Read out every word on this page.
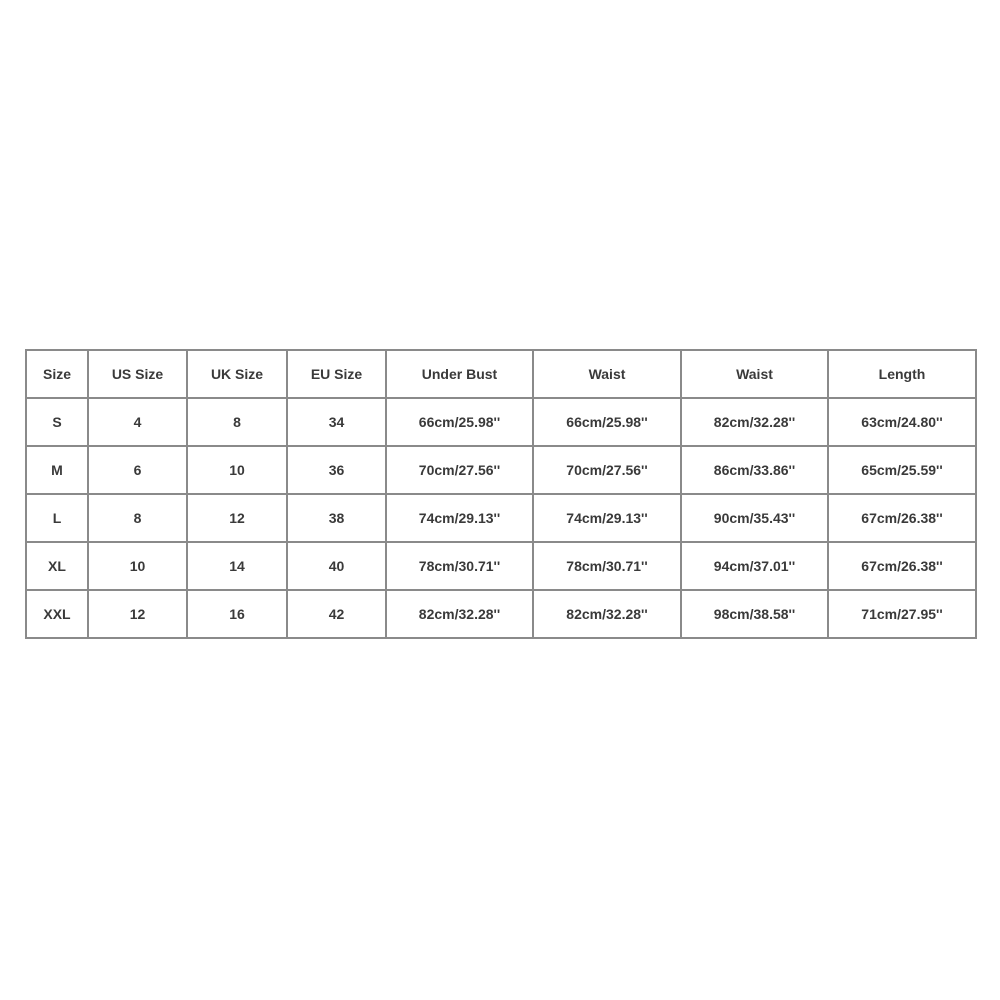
Size	US Size	UK Size	EU Size	Under Bust	Waist	Waist	Length
S	4	8	34	66cm/25.98''	66cm/25.98''	82cm/32.28''	63cm/24.80''
M	6	10	36	70cm/27.56''	70cm/27.56''	86cm/33.86''	65cm/25.59''
L	8	12	38	74cm/29.13''	74cm/29.13''	90cm/35.43''	67cm/26.38''
XL	10	14	40	78cm/30.71''	78cm/30.71''	94cm/37.01''	67cm/26.38''
XXL	12	16	42	82cm/32.28''	82cm/32.28''	98cm/38.58''	71cm/27.95''
